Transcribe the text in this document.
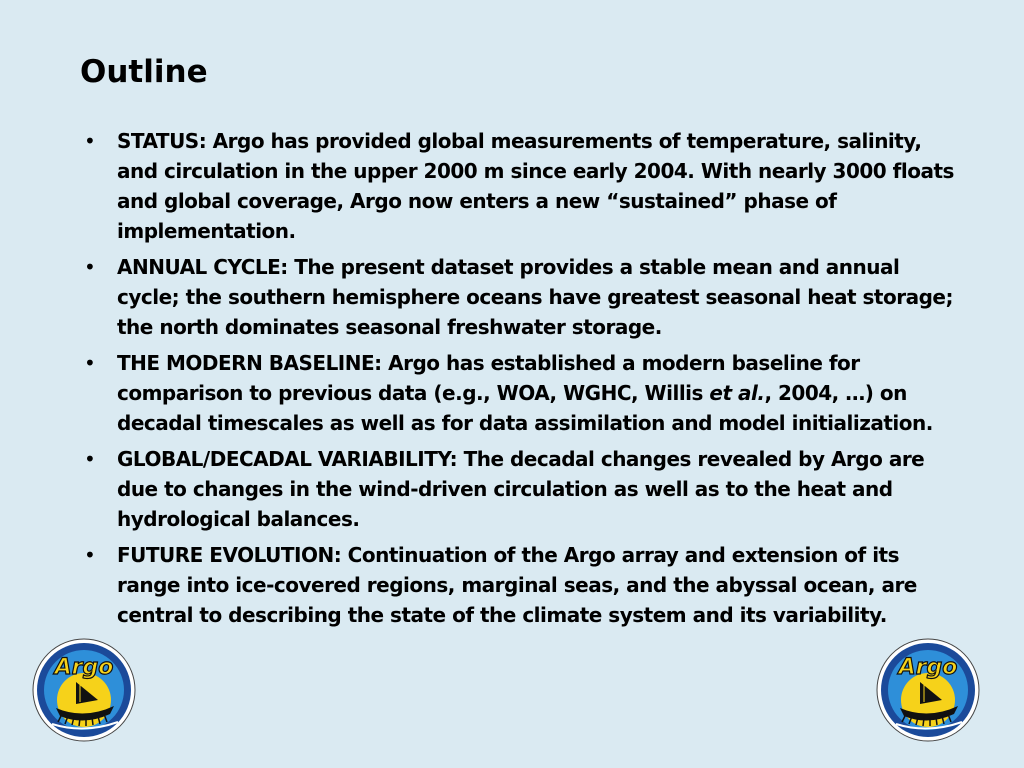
Outline
• STATUS: Argo has provided global measurements of temperature, salinity, and circulation in the upper 2000 m since early 2004. With nearly 3000 floats and global coverage, Argo now enters a new “sustained” phase of implementation.
• ANNUAL CYCLE: The present dataset provides a stable mean and annual cycle; the southern hemisphere oceans have greatest seasonal heat storage; the north dominates seasonal freshwater storage.
• THE MODERN BASELINE: Argo has established a modern baseline for comparison to previous data (e.g., WOA, WGHC, Willis et al., 2004, …) on decadal timescales as well as for data assimilation and model initialization.
• GLOBAL/DECADAL VARIABILITY: The decadal changes revealed by Argo are due to changes in the wind-driven circulation as well as to the heat and hydrological balances.
• FUTURE EVOLUTION: Continuation of the Argo array and extension of its range into ice-covered regions, marginal seas, and the abyssal ocean, are central to describing the state of the climate system and its variability.
Argo	Argo
